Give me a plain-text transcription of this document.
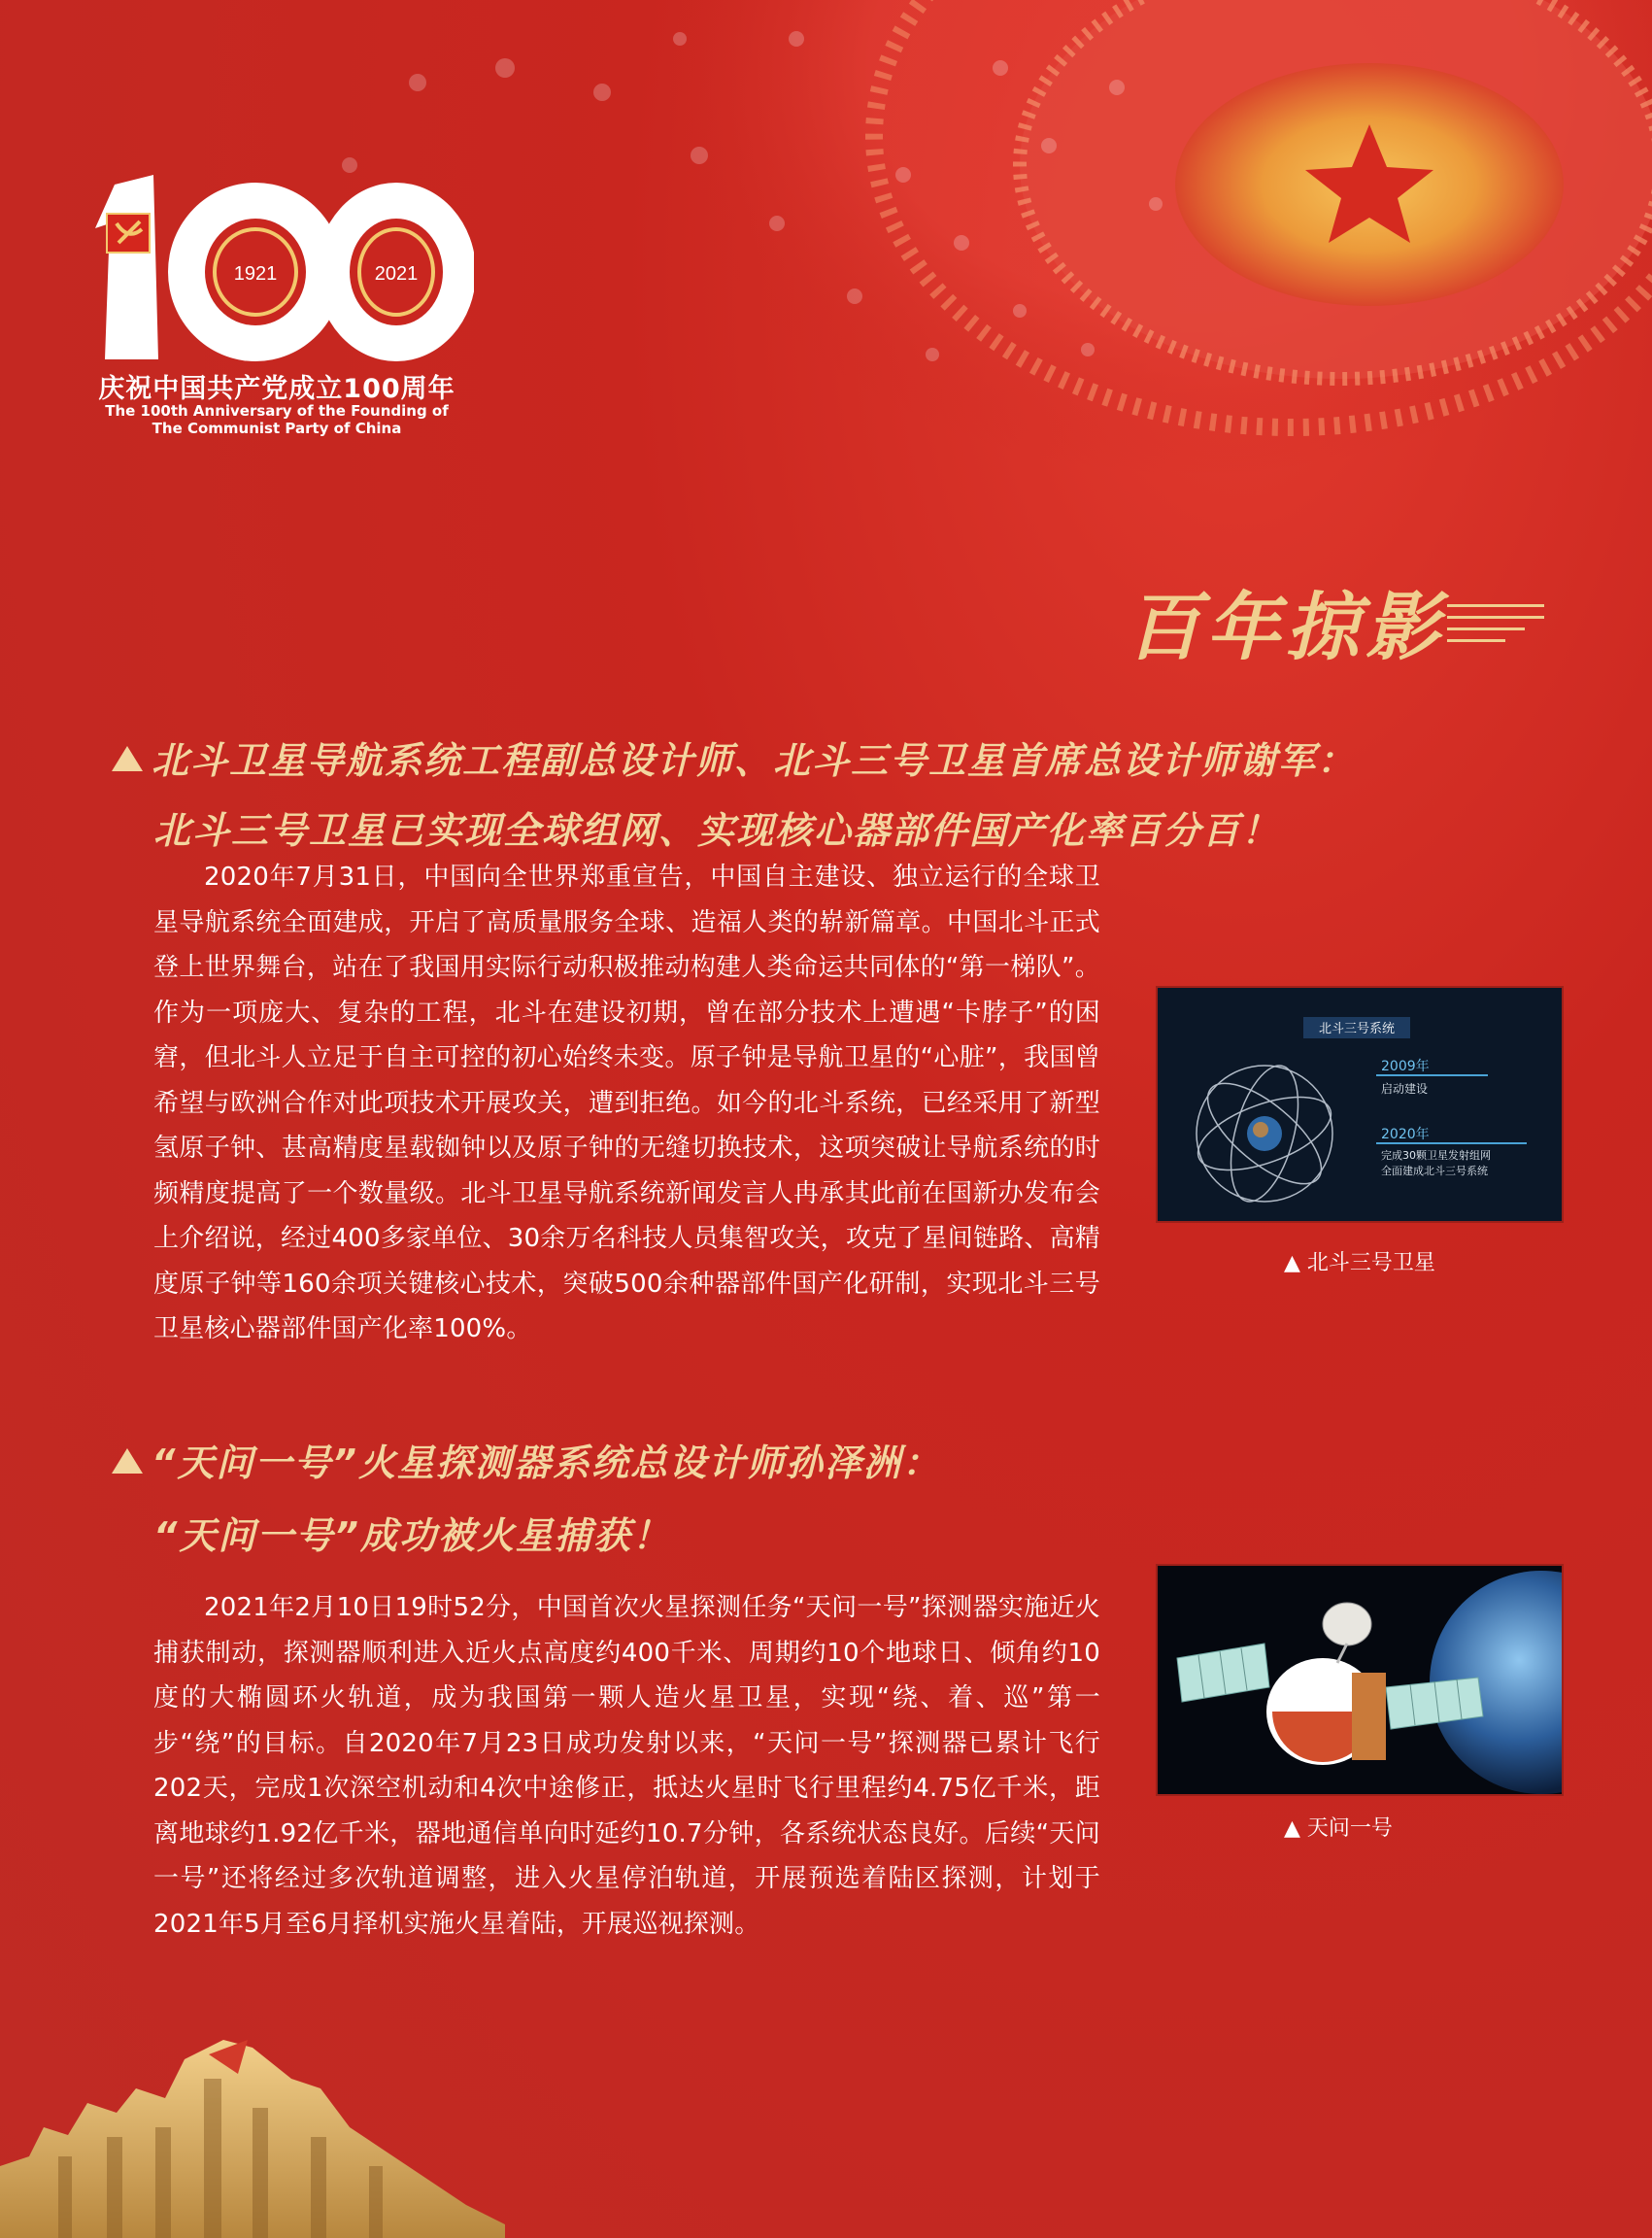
1921	2021
庆祝中国共产党成立100周年
The 100th Anniversary of the Founding of
The Communist Party of China
百年掠影
北斗卫星导航系统工程副总设计师、北斗三号卫星首席总设计师谢军：
北斗三号卫星已实现全球组网、实现核心器部件国产化率百分百！
2020年7月31日，中国向全世界郑重宣告，中国自主建设、独立运行的全球卫星导航系统全面建成，开启了高质量服务全球、造福人类的崭新篇章。中国北斗正式登上世界舞台，站在了我国用实际行动积极推动构建人类命运共同体的“第一梯队”。作为一项庞大、复杂的工程，北斗在建设初期，曾在部分技术上遭遇“卡脖子”的困窘，但北斗人立足于自主可控的初心始终未变。原子钟是导航卫星的“心脏”，我国曾希望与欧洲合作对此项技术开展攻关，遭到拒绝。如今的北斗系统，已经采用了新型氢原子钟、甚高精度星载铷钟以及原子钟的无缝切换技术，这项突破让导航系统的时频精度提高了一个数量级。北斗卫星导航系统新闻发言人冉承其此前在国新办发布会上介绍说，经过400多家单位、30余万名科技人员集智攻关，攻克了星间链路、高精度原子钟等160余项关键核心技术，突破500余种器部件国产化研制，实现北斗三号卫星核心器部件国产化率100%。
北斗三号系统
2009年
启动建设
2020年
完成30颗卫星发射组网
全面建成北斗三号系统
▲ 北斗三号卫星
“天问一号”火星探测器系统总设计师孙泽洲：
“天问一号”成功被火星捕获！
2021年2月10日19时52分，中国首次火星探测任务“天问一号”探测器实施近火捕获制动，探测器顺利进入近火点高度约400千米、周期约10个地球日、倾角约10度的大椭圆环火轨道，成为我国第一颗人造火星卫星，实现“绕、着、巡”第一步“绕”的目标。自2020年7月23日成功发射以来，“天问一号”探测器已累计飞行202天，完成1次深空机动和4次中途修正，抵达火星时飞行里程约4.75亿千米，距离地球约1.92亿千米，器地通信单向时延约10.7分钟，各系统状态良好。后续“天问一号”还将经过多次轨道调整，进入火星停泊轨道，开展预选着陆区探测，计划于2021年5月至6月择机实施火星着陆，开展巡视探测。
▲ 天问一号
